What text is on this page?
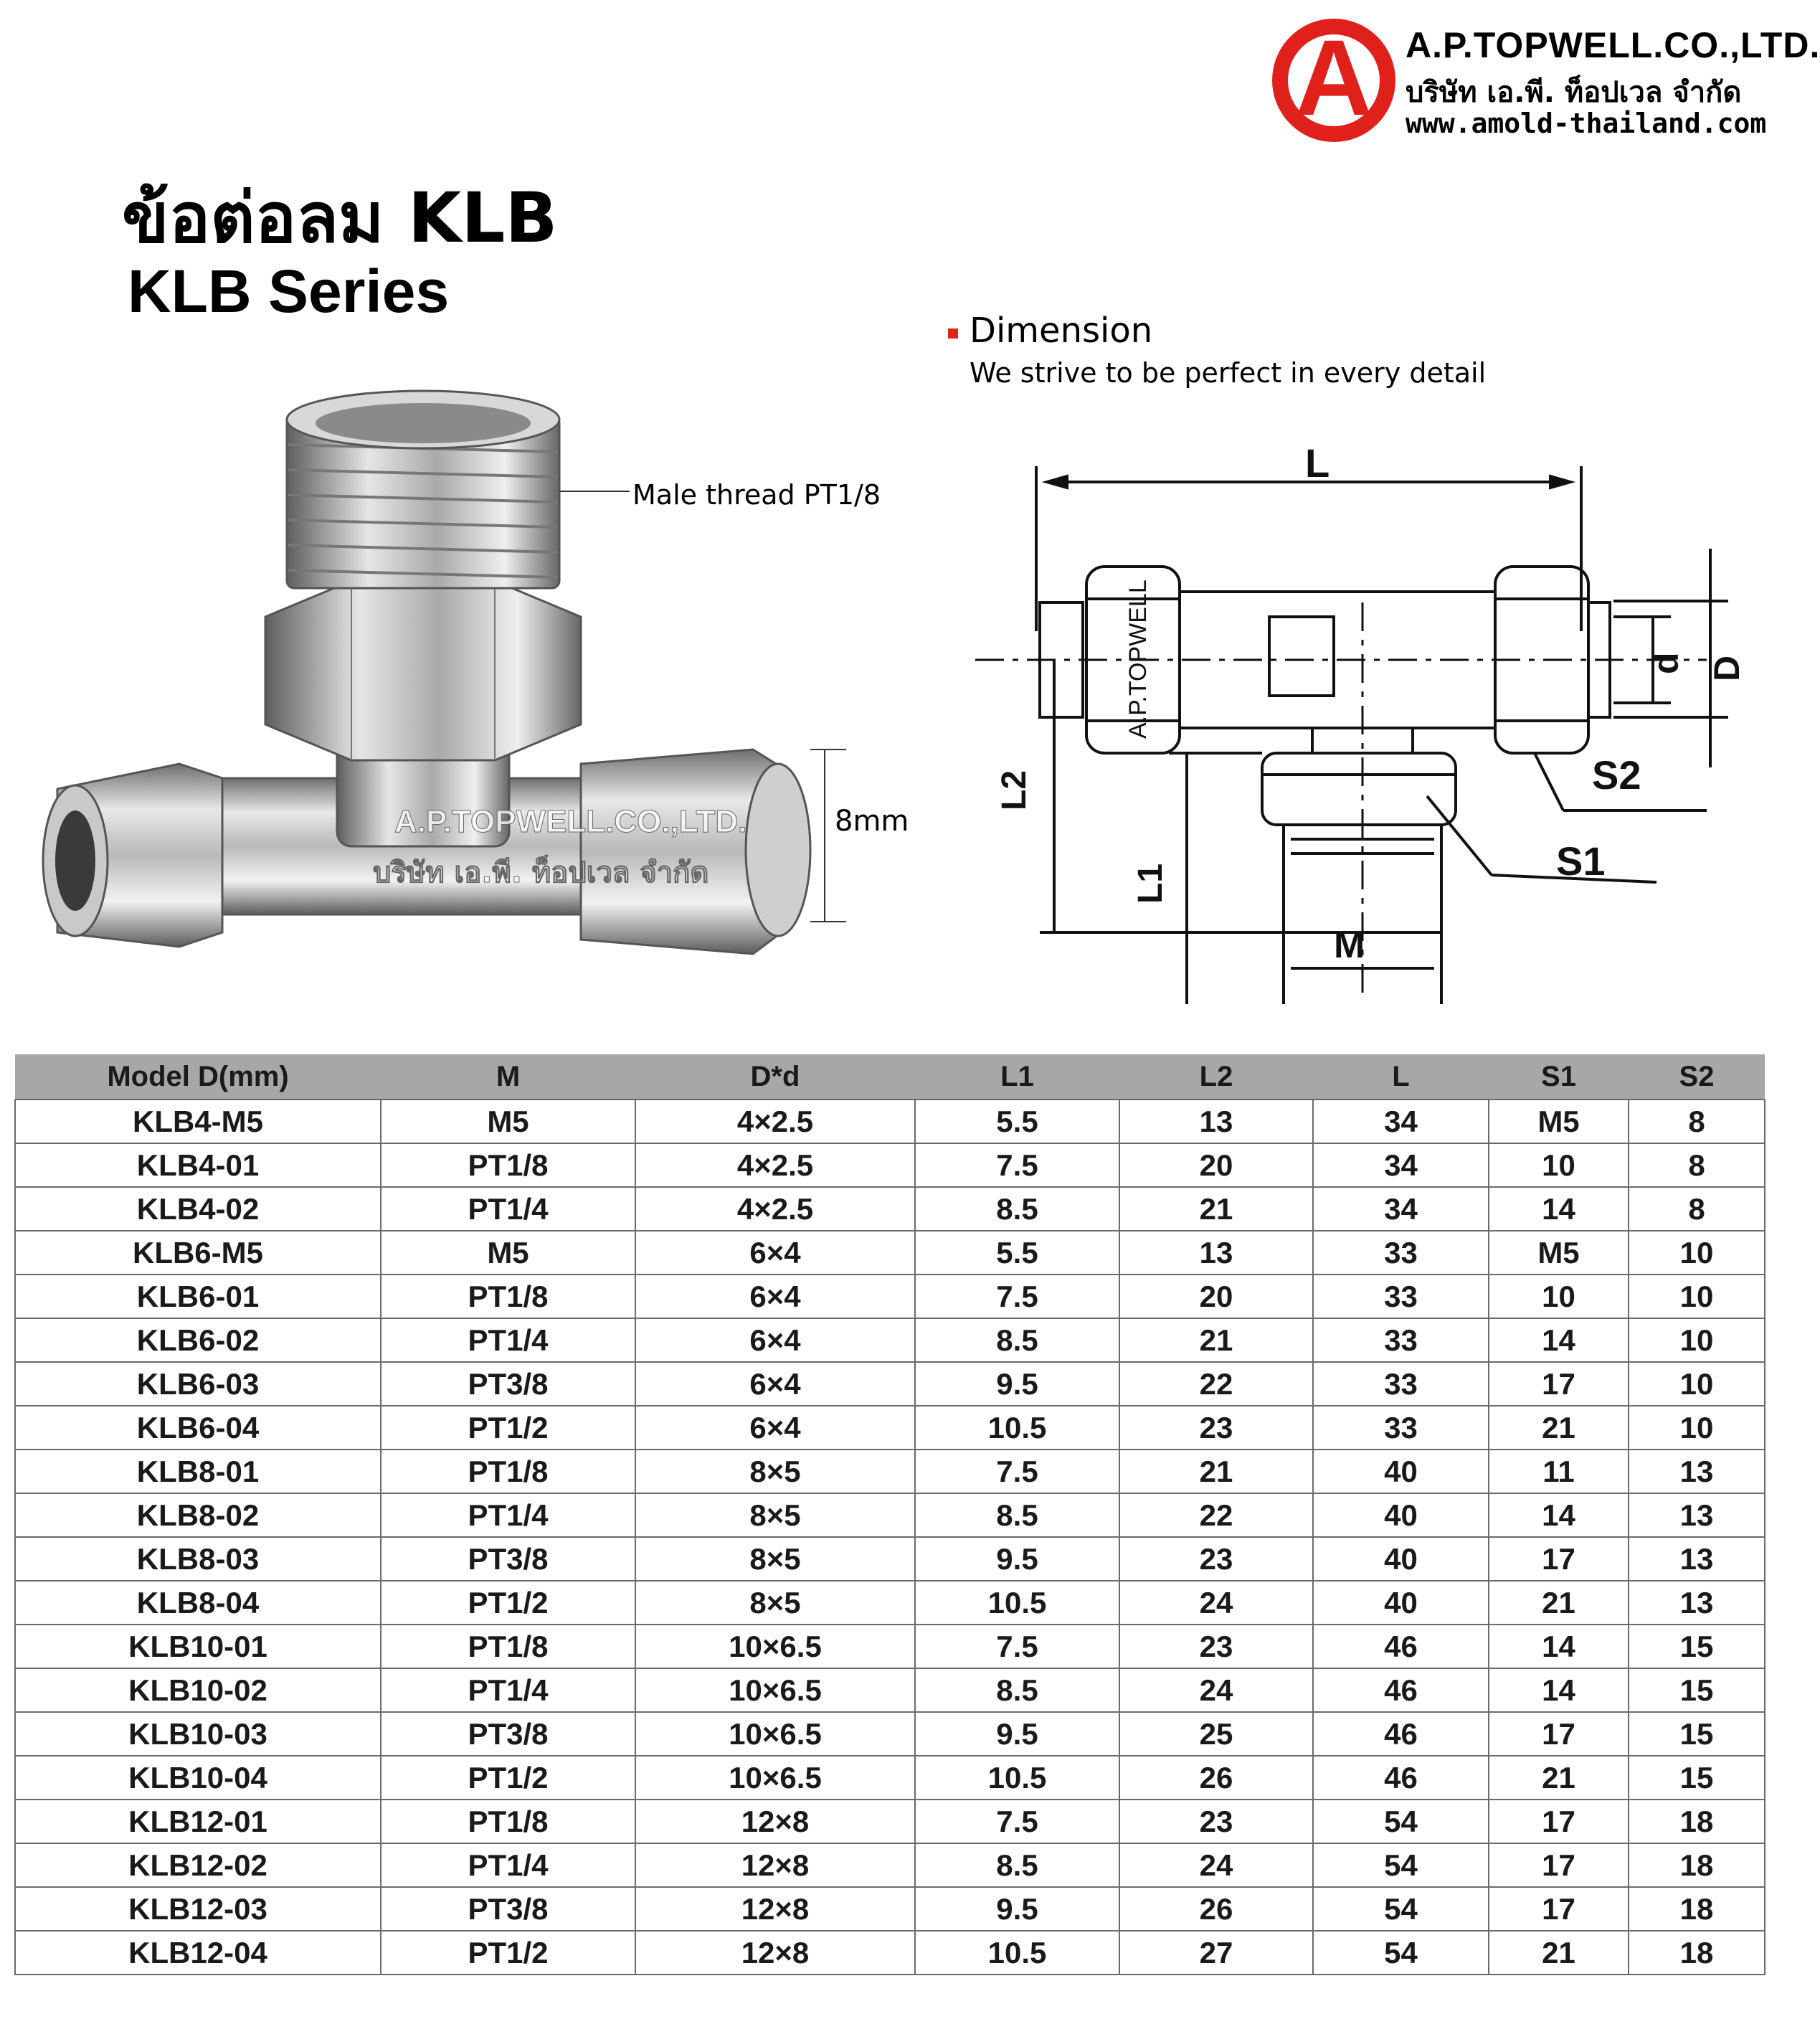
A A.P.TOPWELL.CO.,LTD.
บริษัท เอ.พี. ท็อปเวล จำกัด
www.amold-thailand.com
ข้อต่อลม KLB
KLB Series
Dimension
We strive to be perfect in every detail
A.P.TOPWELL.CO.,LTD.
บริษัท เอ.พี. ท็อปเวล จำกัด
Male thread PT1/8
8mm
L
A.P.TOPWELL	d D
L2
L1
M
S1
S2
Model D(mm)	M	D*d	L1	L2	L	S1	S2
KLB4-M5	M5	4×2.5	5.5	13	34	M5	8
KLB4-01	PT1/8	4×2.5	7.5	20	34	10	8
KLB4-02	PT1/4	4×2.5	8.5	21	34	14	8
KLB6-M5	M5	6×4	5.5	13	33	M5	10
KLB6-01	PT1/8	6×4	7.5	20	33	10	10
KLB6-02	PT1/4	6×4	8.5	21	33	14	10
KLB6-03	PT3/8	6×4	9.5	22	33	17	10
KLB6-04	PT1/2	6×4	10.5	23	33	21	10
KLB8-01	PT1/8	8×5	7.5	21	40	11	13
KLB8-02	PT1/4	8×5	8.5	22	40	14	13
KLB8-03	PT3/8	8×5	9.5	23	40	17	13
KLB8-04	PT1/2	8×5	10.5	24	40	21	13
KLB10-01	PT1/8	10×6.5	7.5	23	46	14	15
KLB10-02	PT1/4	10×6.5	8.5	24	46	14	15
KLB10-03	PT3/8	10×6.5	9.5	25	46	17	15
KLB10-04	PT1/2	10×6.5	10.5	26	46	21	15
KLB12-01	PT1/8	12×8	7.5	23	54	17	18
KLB12-02	PT1/4	12×8	8.5	24	54	17	18
KLB12-03	PT3/8	12×8	9.5	26	54	17	18
KLB12-04	PT1/2	12×8	10.5	27	54	21	18
